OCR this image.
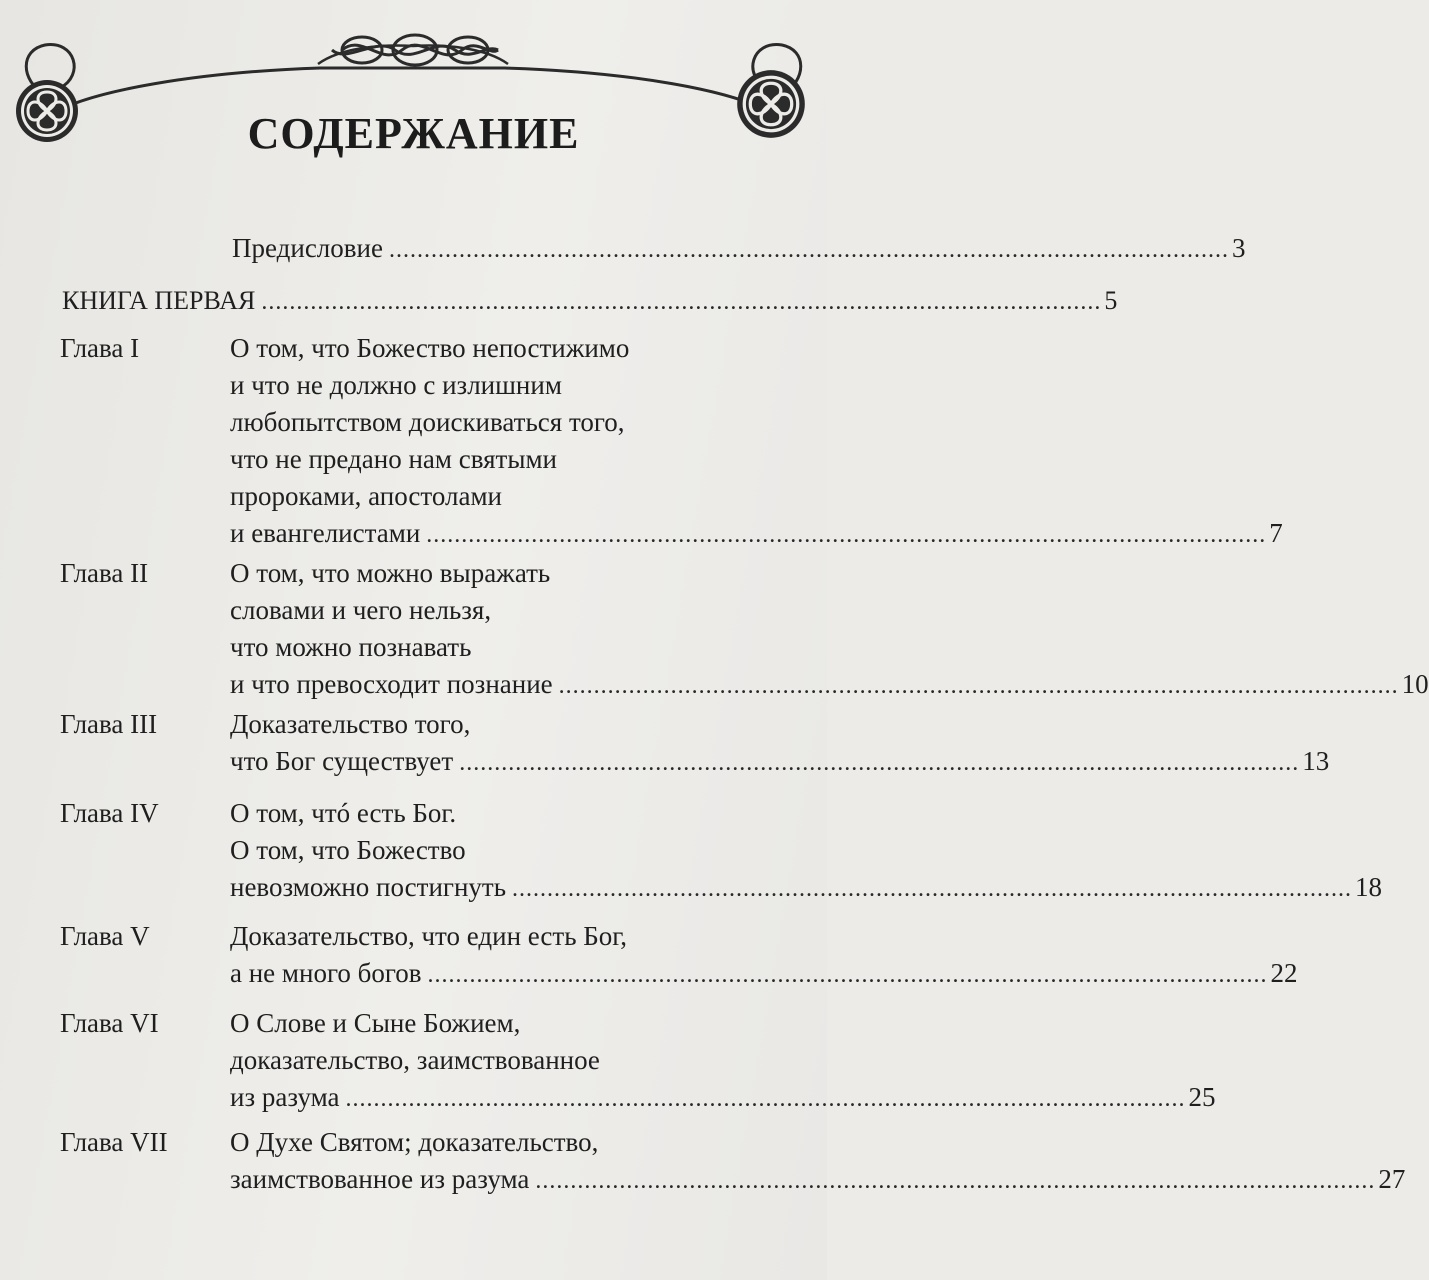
СОДЕРЖАНИЕ
Предисловие ........................................................................................................................ 3
КНИГА ПЕРВАЯ ........................................................................................................................ 5
Глава I	О том, что Божество непостижимо
и что не должно с излишним
любопытством доискиваться того,
что не предано нам святыми
пророками, апостолами
и евангелистами ........................................................................................................................ 7
Глава II	О том, что можно выражать
словами и чего нельзя,
что можно познавать
и что превосходит познание ........................................................................................................................ 10
Глава III	Доказательство того,
что Бог существует ........................................................................................................................ 13
Глава IV	О том, чтó есть Бог.
О том, что Божество
невозможно постигнуть ........................................................................................................................ 18
Глава V	Доказательство, что един есть Бог,
а не много богов ........................................................................................................................ 22
Глава VI	О Слове и Сыне Божием,
доказательство, заимствованное
из разума ........................................................................................................................ 25
Глава VII О Духе Святом; доказательство,
заимствованное из разума ........................................................................................................................ 27
